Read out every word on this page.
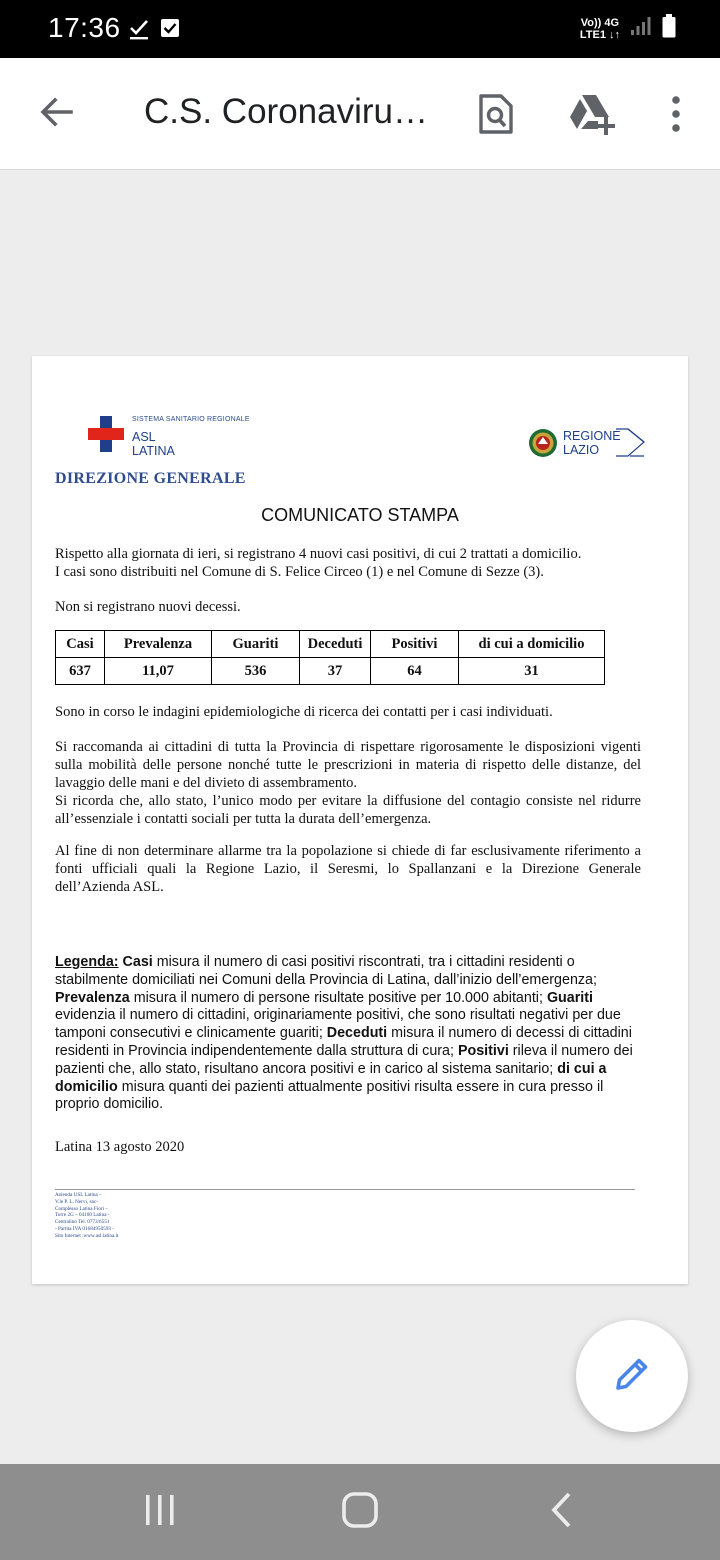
17:36	Vo)) 4G
LTE1 ↓↑
C.S. Coronaviru…
SISTEMA SANITARIO REGIONALE
ASL
LATINA
REGIONE
LAZIO
DIREZIONE GENERALE
COMUNICATO STAMPA
Rispetto alla giornata di ieri, si registrano 4 nuovi casi positivi, di cui 2 trattati a domicilio.
I casi sono distribuiti nel Comune di S. Felice Circeo (1) e nel Comune di Sezze (3).
Non si registrano nuovi decessi.
Casi	Prevalenza	Guariti	Deceduti	Positivi	di cui a domicilio
637	11,07	536	37	64	31
Sono in corso le indagini epidemiologiche di ricerca dei contatti per i casi individuati.
Si raccomanda ai cittadini di tutta la Provincia di rispettare rigorosamente le disposizioni vigenti sulla mobilità delle persone nonché tutte le prescrizioni in materia di rispetto delle distanze, del lavaggio delle mani e del divieto di assembramento.
Si ricorda che, allo stato, l’unico modo per evitare la diffusione del contagio consiste nel ridurre all’essenziale i contatti sociali per tutta la durata dell’emergenza.
Al fine di non determinare allarme tra la popolazione si chiede di far esclusivamente riferimento a fonti ufficiali quali la Regione Lazio, il Seresmi, lo Spallanzani e la Direzione Generale dell’Azienda ASL.
Legenda: Casi misura il numero di casi positivi riscontrati, tra i cittadini residenti o stabilmente domiciliati nei Comuni della Provincia di Latina, dall’inizio dell’emergenza; Prevalenza misura il numero di persone risultate positive per 10.000 abitanti; Guariti evidenzia il numero di cittadini, originariamente positivi, che sono risultati negativi per due tamponi consecutivi e clinicamente guariti; Deceduti misura il numero di decessi di cittadini residenti in Provincia indipendentemente dalla struttura di cura; Positivi rileva il numero dei pazienti che, allo stato, risultano ancora positivi e in carico al sistema sanitario; di cui a domicilio misura quanti dei pazienti attualmente positivi risulta essere in cura presso il proprio domicilio.
Latina 13 agosto 2020
Azienda USL Latina –
V.le P. L. Nervi, snc-
Complesso Latina Fiori –
Torre 2G – 04100 Latina -
Centralino Tel. 0773/6551
- Partita IVA 01684950593 -
Sito Internet :www.asl.latina.it
